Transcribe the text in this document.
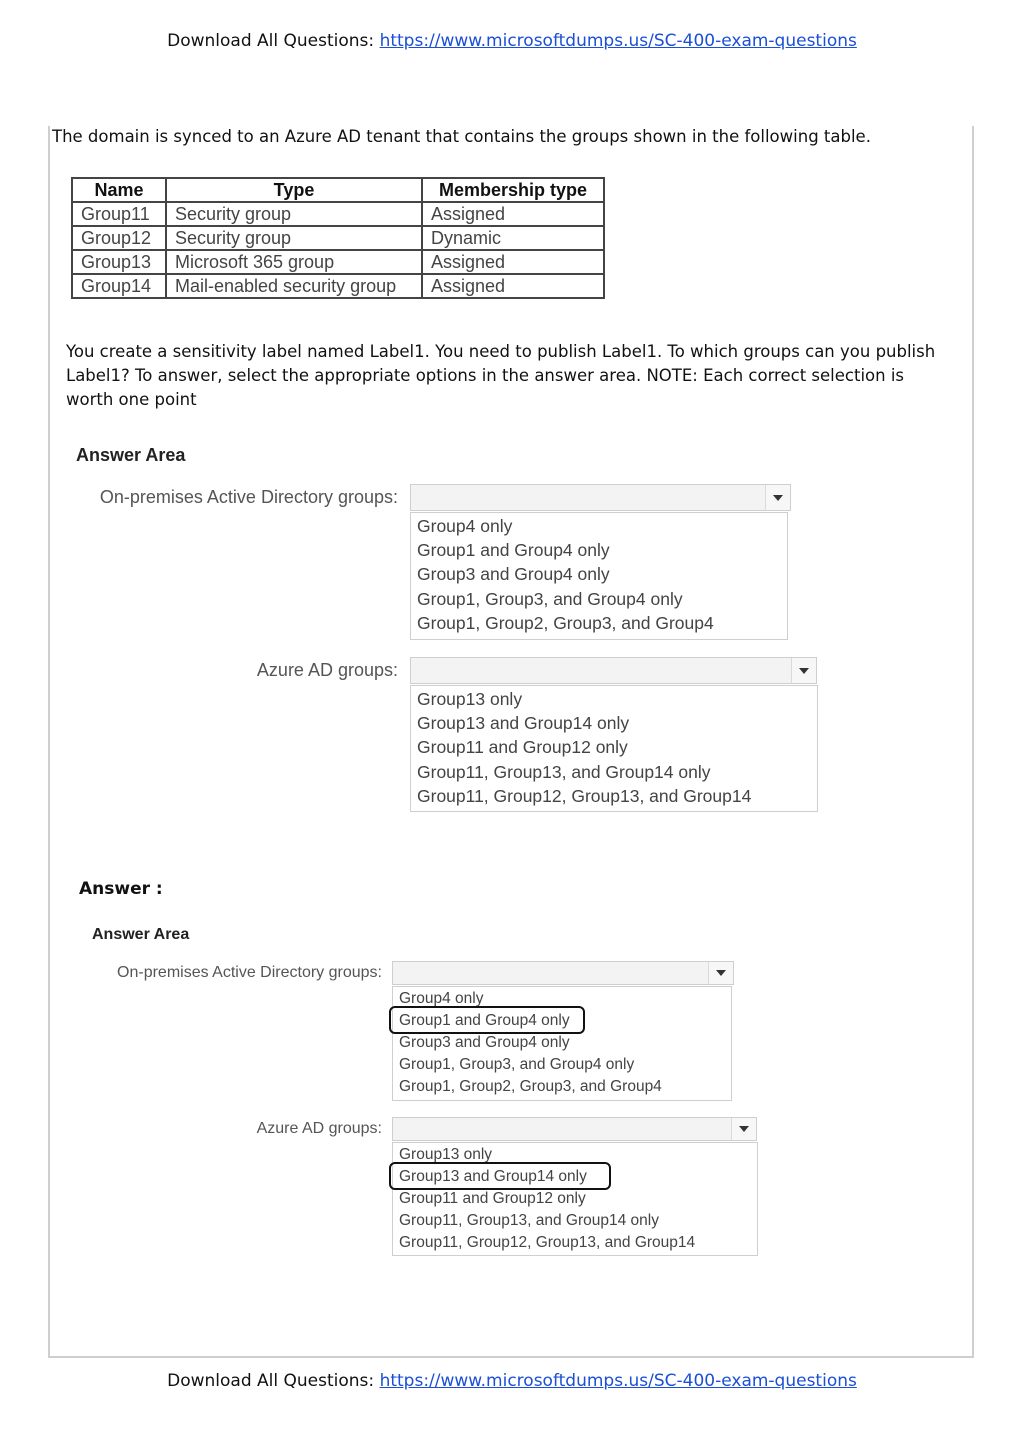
Download All Questions: https://www.microsoftdumps.us/SC-400-exam-questions
The domain is synced to an Azure AD tenant that contains the groups shown in the following table.
Name	Type	Membership type
Group11	Security group	Assigned
Group12	Security group	Dynamic
Group13	Microsoft 365 group	Assigned
Group14	Mail-enabled security group	Assigned
You create a sensitivity label named Label1. You need to publish Label1. To which groups can you publish Label1? To answer, select the appropriate options in the answer area. NOTE: Each correct selection is worth one point
Answer Area
On-premises Active Directory groups:
Group4 only
Group1 and Group4 only
Group3 and Group4 only
Group1, Group3, and Group4 only
Group1, Group2, Group3, and Group4
Azure AD groups:
Group13 only
Group13 and Group14 only
Group11 and Group12 only
Group11, Group13, and Group14 only
Group11, Group12, Group13, and Group14
Answer :
Answer Area
On-premises Active Directory groups:
Group4 only
Group1 and Group4 only
Group3 and Group4 only
Group1, Group3, and Group4 only
Group1, Group2, Group3, and Group4
Azure AD groups:
Group13 only
Group13 and Group14 only
Group11 and Group12 only
Group11, Group13, and Group14 only
Group11, Group12, Group13, and Group14
Download All Questions: https://www.microsoftdumps.us/SC-400-exam-questions
